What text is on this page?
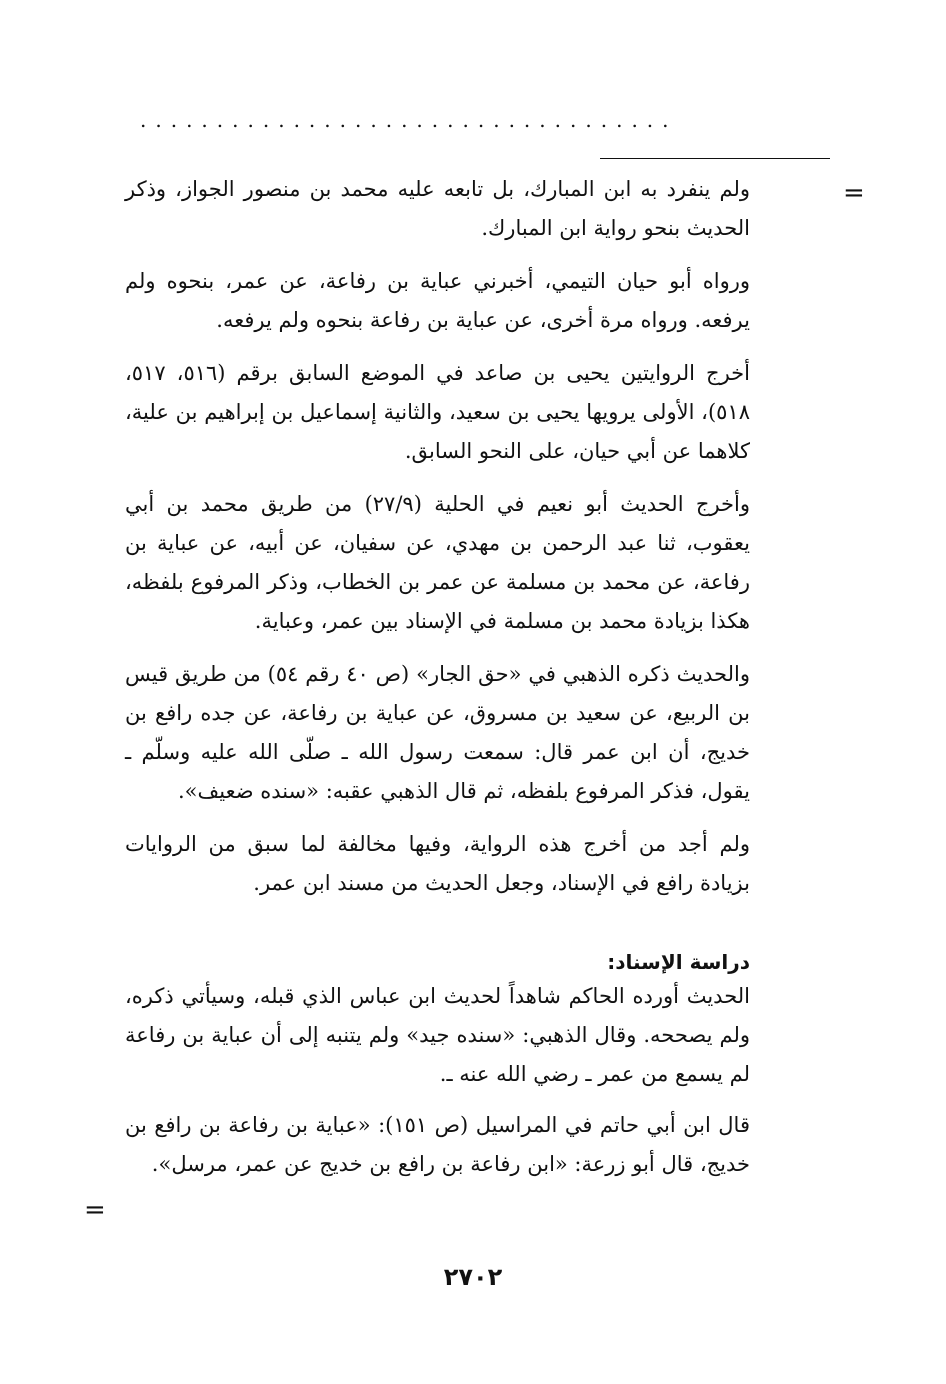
...................................
=
=

ولم ينفرد به ابن المبارك، بل تابعه عليه محمد بن منصور الجواز، وذكر الحديث بنحو رواية ابن المبارك.

ورواه أبو حيان التيمي، أخبرني عباية بن رفاعة، عن عمر، بنحوه ولم يرفعه. ورواه مرة أخرى، عن عباية بن رفاعة بنحوه ولم يرفعه.

أخرج الروايتين يحيى بن صاعد في الموضع السابق برقم (٥١٦، ٥١٧، ٥١٨)، الأولى يرويها يحيى بن سعيد، والثانية إسماعيل بن إبراهيم بن علية، كلاهما عن أبي حيان، على النحو السابق.

وأخرج الحديث أبو نعيم في الحلية (٢٧/٩) من طريق محمد بن أبي يعقوب، ثنا عبد الرحمن بن مهدي، عن سفيان، عن أبيه، عن عباية بن رفاعة، عن محمد بن مسلمة عن عمر بن الخطاب، وذكر المرفوع بلفظه، هكذا بزيادة محمد بن مسلمة في الإسناد بين عمر، وعباية.

والحديث ذكره الذهبي في «حق الجار» (ص ٤٠ رقم ٥٤) من طريق قيس بن الربيع، عن سعيد بن مسروق، عن عباية بن رفاعة، عن جده رافع بن خديج، أن ابن عمر قال: سمعت رسول الله ـ صلّى الله عليه وسلّم ـ يقول، فذكر المرفوع بلفظه، ثم قال الذهبي عقبه: «سنده ضعيف».

ولم أجد من أخرج هذه الرواية، وفيها مخالفة لما سبق من الروايات بزيادة رافع في الإسناد، وجعل الحديث من مسند ابن عمر.

دراسة الإسناد:

الحديث أورده الحاكم شاهداً لحديث ابن عباس الذي قبله، وسيأتي ذكره، ولم يصححه. وقال الذهبي: «سنده جيد» ولم يتنبه إلى أن عباية بن رفاعة لم يسمع من عمر ـ رضي الله عنه ـ.

قال ابن أبي حاتم في المراسيل (ص ١٥١): «عباية بن رفاعة بن رافع بن خديج، قال أبو زرعة: «ابن رفاعة بن رافع بن خديج عن عمر، مرسل».

٢٧٠٢
